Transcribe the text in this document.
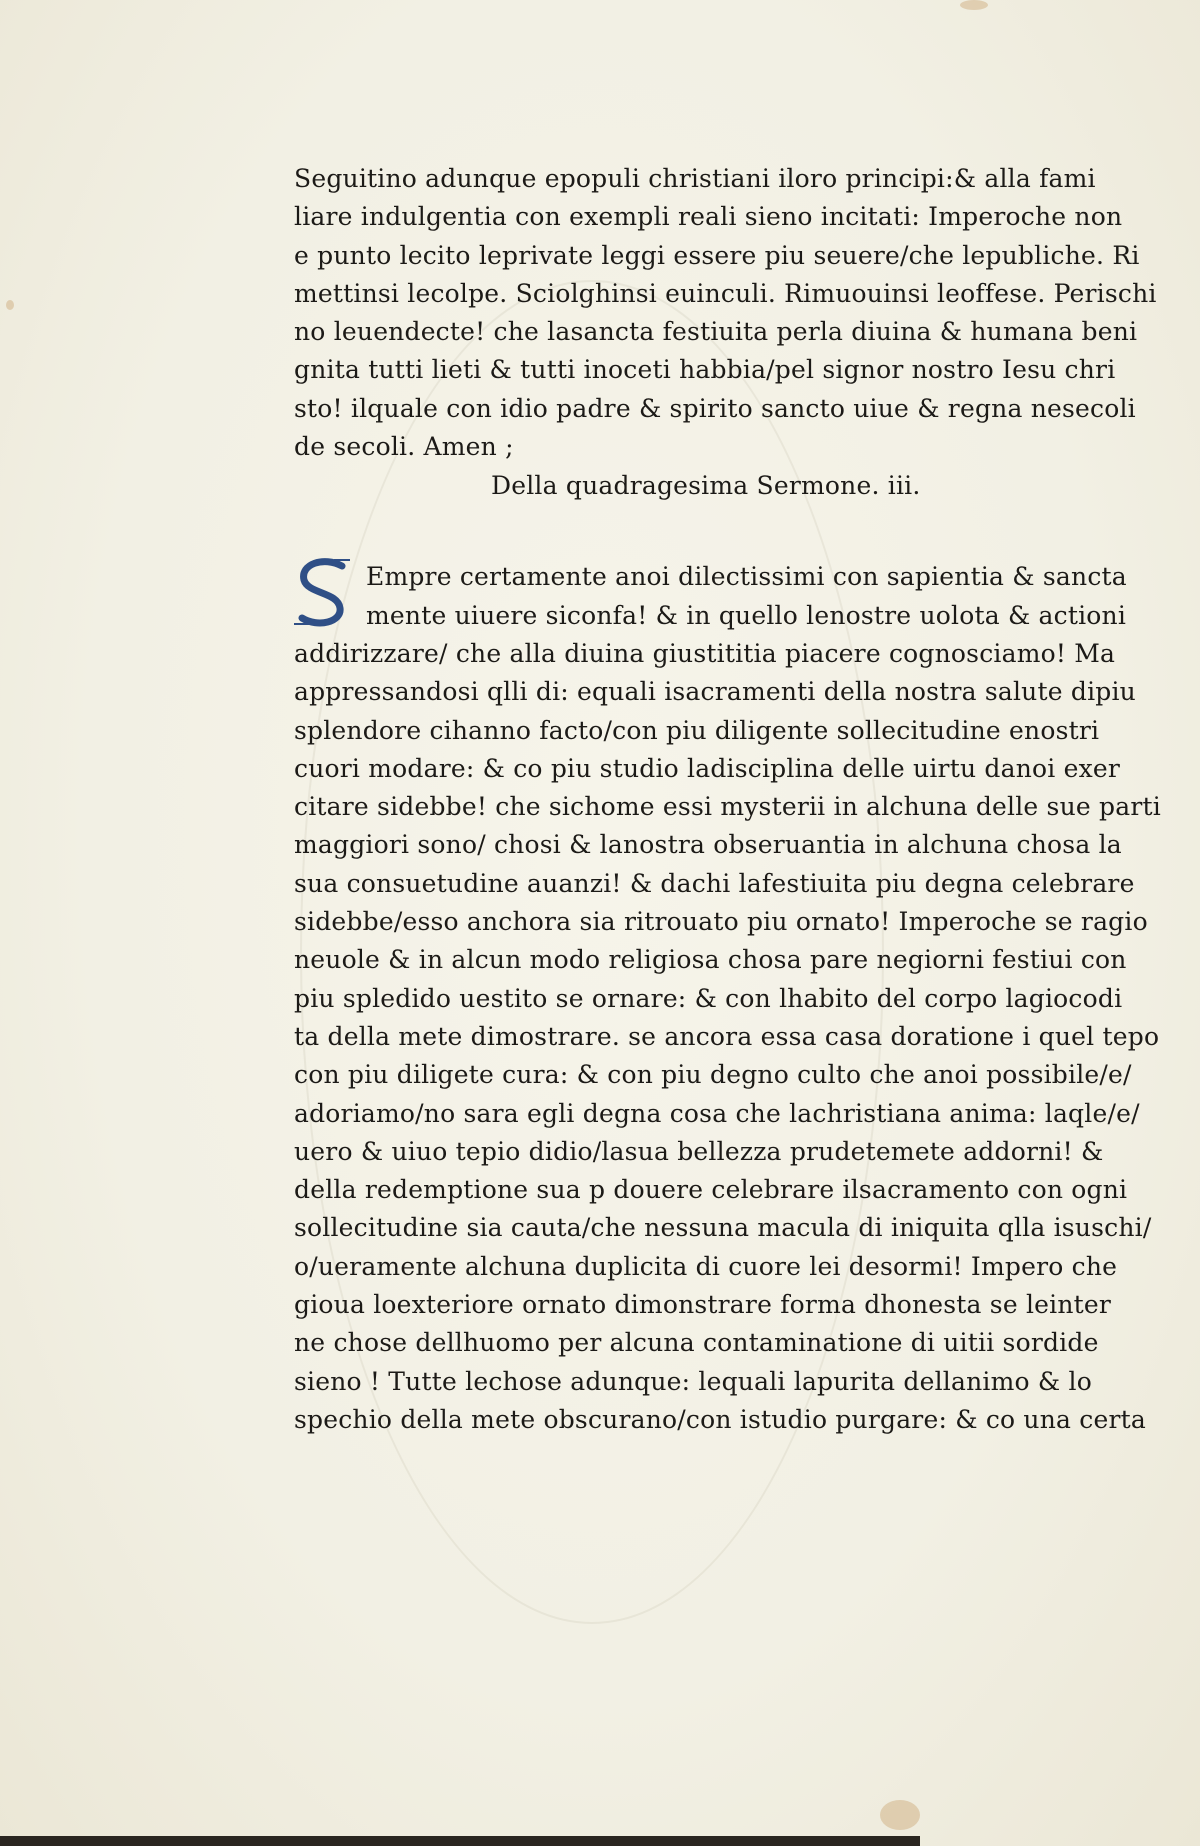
Seguitino adunque epopuli christiani iloro principi:& alla fami
liare indulgentia con exempli reali sieno incitati: Imperoche non
e punto lecito leprivate leggi essere piu seuere/che lepubliche. Ri
mettinsi lecolpe. Sciolghinsi euinculi. Rimuouinsi leoffese. Perischi
no leuendecte! che lasancta festiuita perla diuina & humana beni
gnita tutti lieti & tutti inoceti habbia/pel signor nostro Iesu chri
sto! ilquale con idio padre & spirito sancto uiue & regna nesecoli
de secoli. Amen ;
Della quadragesima Sermone. iii.
Empre certamente anoi dilectissimi con sapientia & sancta
mente uiuere siconfa! & in quello lenostre uolota & actioni
addirizzare/ che alla diuina giustititia piacere cognosciamo! Ma
appressandosi qlli di: equali isacramenti della nostra salute dipiu
splendore cihanno facto/con piu diligente sollecitudine enostri
cuori modare: & co piu studio ladisciplina delle uirtu danoi exer
citare sidebbe! che sichome essi mysterii in alchuna delle sue parti
maggiori sono/ chosi & lanostra obseruantia in alchuna chosa la
sua consuetudine auanzi! & dachi lafestiuita piu degna celebrare
sidebbe/esso anchora sia ritrouato piu ornato! Imperoche se ragio
neuole & in alcun modo religiosa chosa pare negiorni festiui con
piu spledido uestito se ornare: & con lhabito del corpo lagiocodi
ta della mete dimostrare. se ancora essa casa doratione i quel tepo
con piu diligete cura: & con piu degno culto che anoi possibile/e/
adoriamo/no sara egli degna cosa che lachristiana anima: laqle/e/
uero & uiuo tepio didio/lasua bellezza prudetemete addorni! &
della redemptione sua p douere celebrare ilsacramento con ogni
sollecitudine sia cauta/che nessuna macula di iniquita qlla isuschi/
o/ueramente alchuna duplicita di cuore lei desormi! Impero che
gioua loexteriore ornato dimonstrare forma dhonesta se leinter
ne chose dellhuomo per alcuna contaminatione di uitii sordide
sieno ! Tutte lechose adunque: lequali lapurita dellanimo & lo
spechio della mete obscurano/con istudio purgare: & co una certa
